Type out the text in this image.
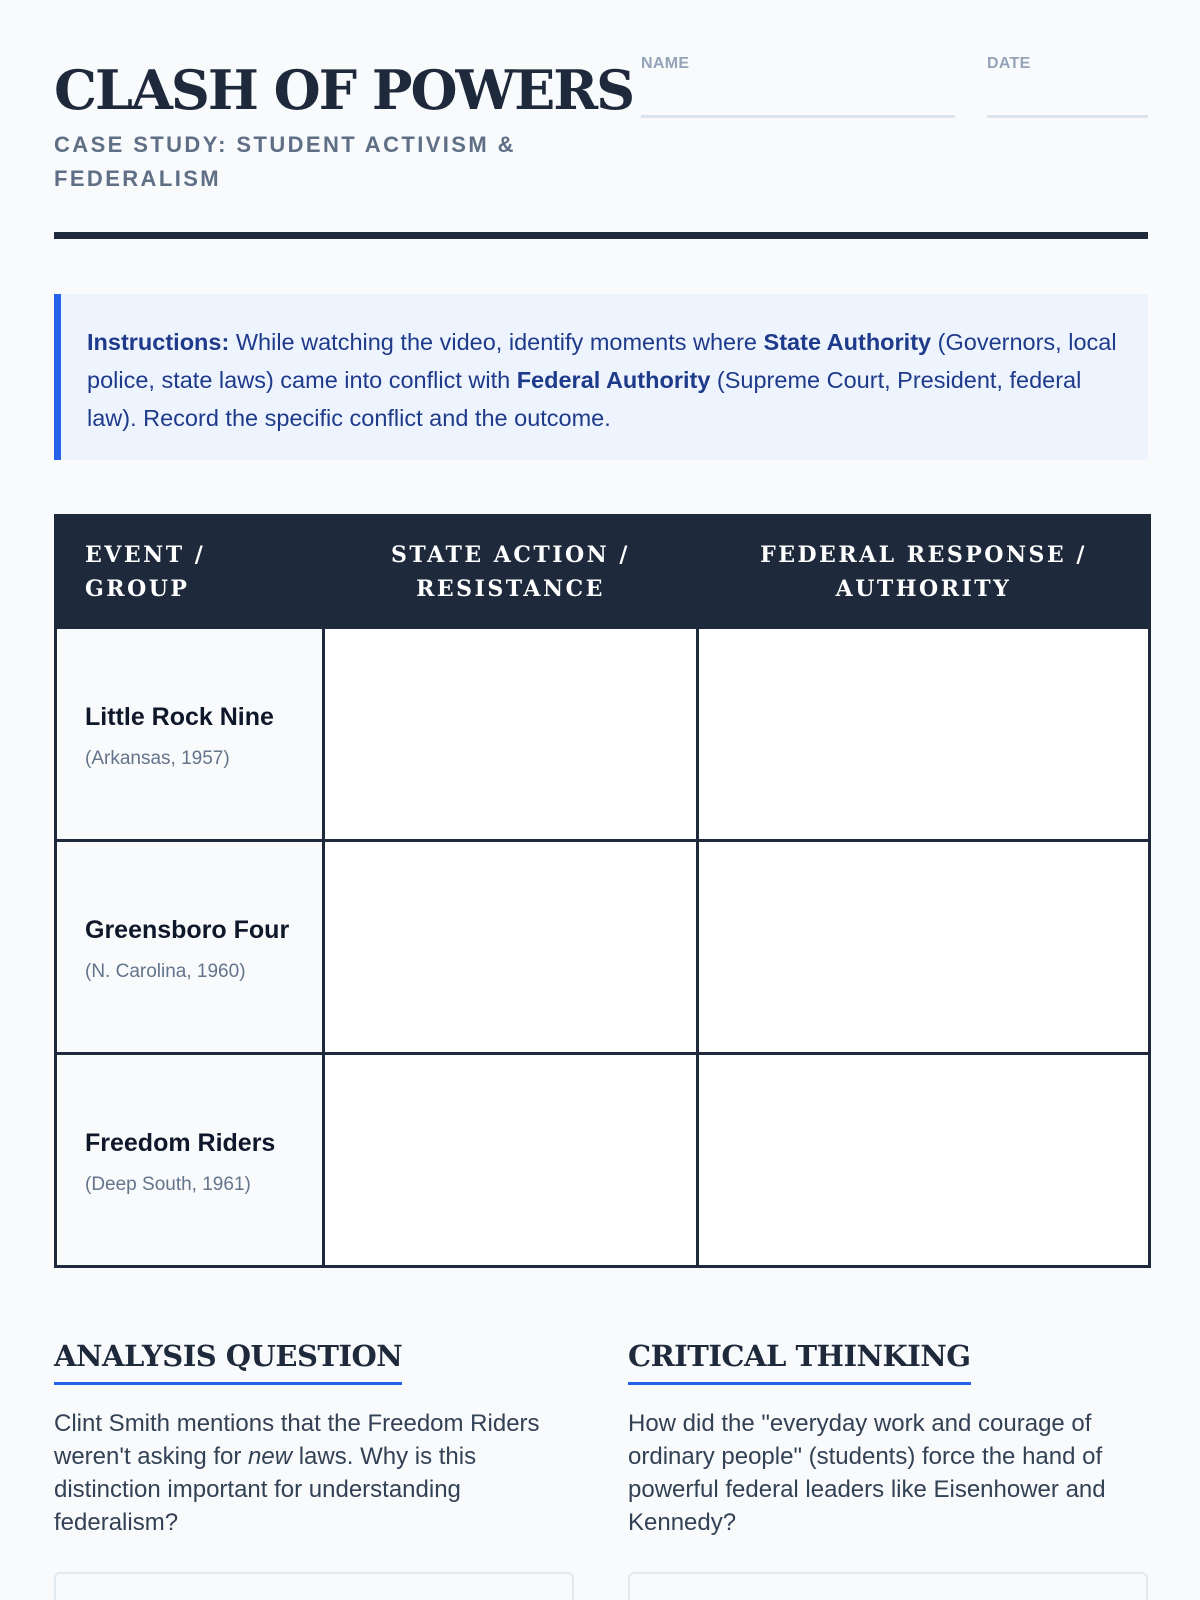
CLASH OF POWERS
CASE STUDY: STUDENT ACTIVISM & FEDERALISM
NAME	DATE
Instructions: While watching the video, identify moments where State Authority (Governors, local police, state laws) came into conflict with Federal Authority (Supreme Court, President, federal law). Record the specific conflict and the outcome.
EVENT / GROUP	STATE ACTION / RESISTANCE	FEDERAL RESPONSE / AUTHORITY

Little Rock Nine
(Arkansas, 1957)		

Greensboro Four
(N. Carolina, 1960)		

Freedom Riders
(Deep South, 1961)		

ANALYSIS QUESTION

Clint Smith mentions that the Freedom Riders weren't asking for new laws. Why is this distinction important for understanding federalism?

CRITICAL THINKING

How did the "everyday work and courage of ordinary people" (students) force the hand of powerful federal leaders like Eisenhower and Kennedy?
